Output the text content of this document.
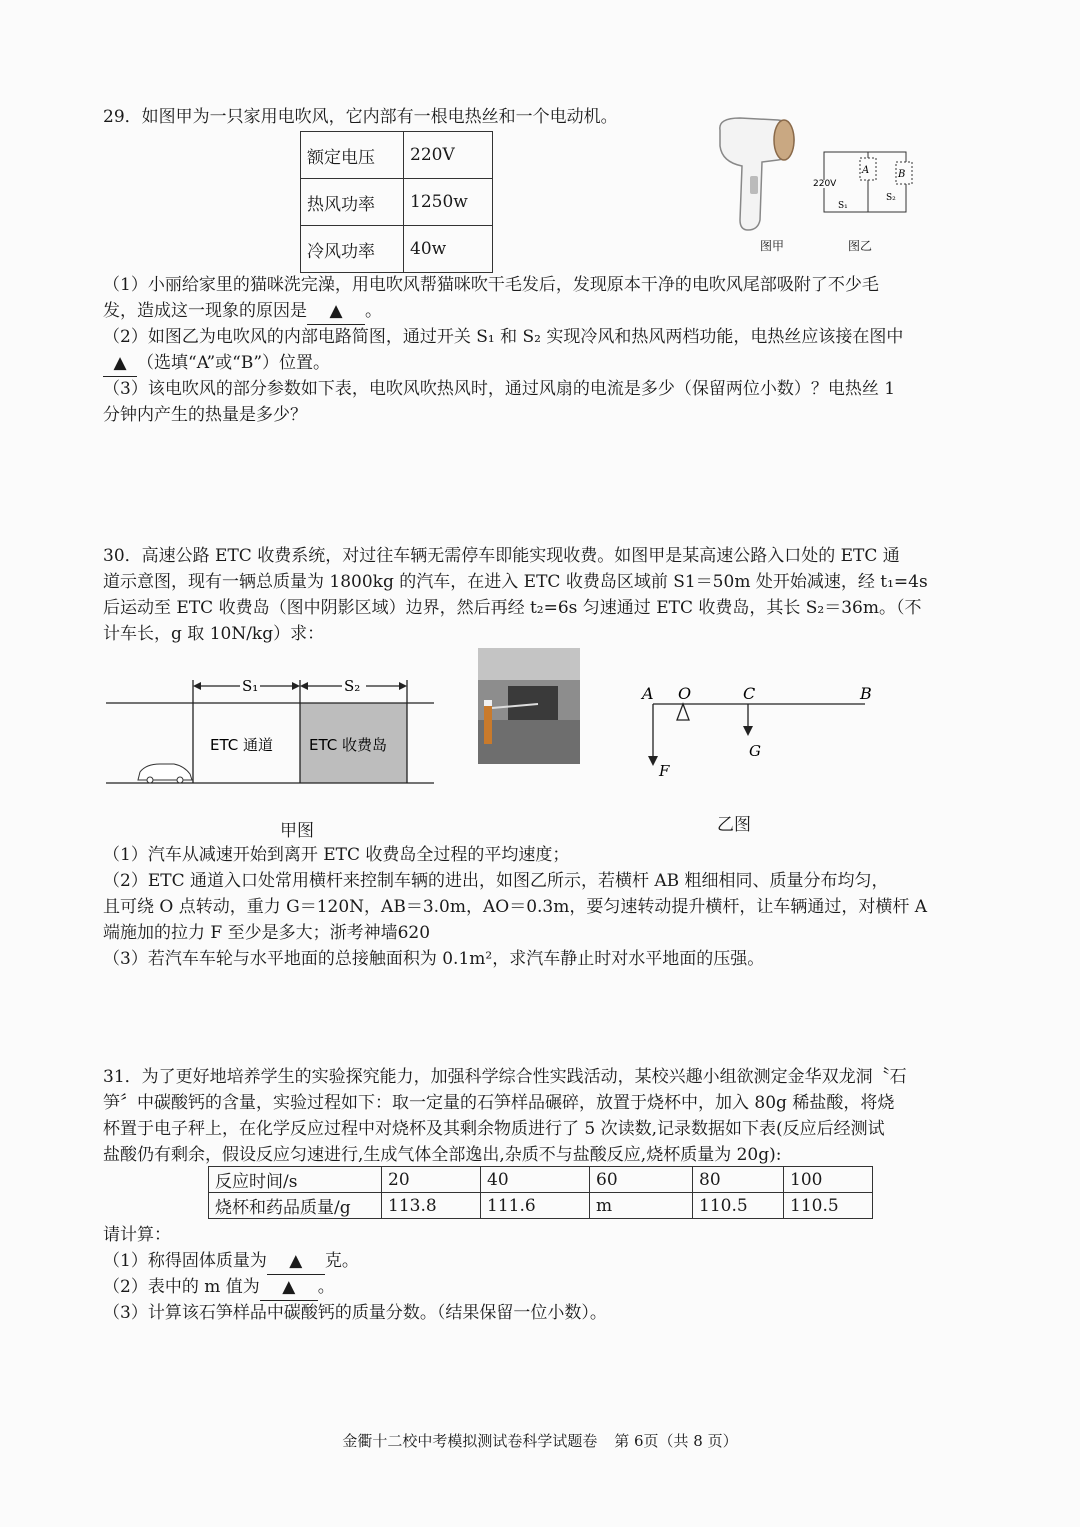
29．如图甲为一只家用电吹风，它内部有一根电热丝和一个电动机。
额定电压	220V
热风功率	1250w
冷风功率	40w	图甲
A	B
220V
S₁
S₂
图乙
（1）小丽给家里的猫咪洗完澡，用电吹风帮猫咪吹干毛发后，发现原本干净的电吹风尾部吸附了不少毛
发，造成这一现象的原因是 ▲ 。
（2）如图乙为电吹风的内部电路简图，通过开关 S₁ 和 S₂ 实现冷风和热风两档功能，电热丝应该接在图中
▲ （选填“A”或“B”）位置。
（3）该电吹风的部分参数如下表，电吹风吹热风时，通过风扇的电流是多少（保留两位小数）？电热丝 1
分钟内产生的热量是多少？
30．高速公路 ETC 收费系统，对过往车辆无需停车即能实现收费。如图甲是某高速公路入口处的 ETC 通
道示意图，现有一辆总质量为 1800kg 的汽车，在进入 ETC 收费岛区域前 S1＝50m 处开始减速，经 t₁=4s
后运动至 ETC 收费岛（图中阴影区域）边界，然后再经 t₂=6s 匀速通过 ETC 收费岛，其长 S₂＝36m。（不
计车长，g 取 10N/kg）求：
S₁	S₂
ETC 通道 ETC 收费岛
甲图
A O	C	B
G
F
乙图
（1）汽车从减速开始到离开 ETC 收费岛全过程的平均速度；
（2）ETC 通道入口处常用横杆来控制车辆的进出，如图乙所示，若横杆 AB 粗细相同、质量分布均匀，
且可绕 O 点转动，重力 G＝120N，AB＝3.0m，AO＝0.3m，要匀速转动提升横杆，让车辆通过，对横杆 A
端施加的拉力 F 至少是多大；浙考神墙620
（3）若汽车车轮与水平地面的总接触面积为 0.1m²，求汽车静止时对水平地面的压强。
31．为了更好地培养学生的实验探究能力，加强科学综合性实践活动，某校兴趣小组欲测定金华双龙洞〝石
笋〞中碳酸钙的含量，实验过程如下：取一定量的石笋样品碾碎，放置于烧杯中，加入 80g 稀盐酸，将烧
杯置于电子秤上，在化学反应过程中对烧杯及其剩余物质进行了 5 次读数,记录数据如下表(反应后经测试
盐酸仍有剩余，假设反应匀速进行,生成气体全部逸出,杂质不与盐酸反应,烧杯质量为 20g):
反应时间/s	20	40	60	80	100
烧杯和药品质量/g	113.8	111.6	m	110.5	110.5
请计算：
（1）称得固体质量为 ▲ 克。
（2）表中的 m 值为 ▲ 。
（3）计算该石笋样品中碳酸钙的质量分数。（结果保留一位小数）。
金衢十二校中考模拟测试卷科学试题卷 第 6页（共 8 页）
